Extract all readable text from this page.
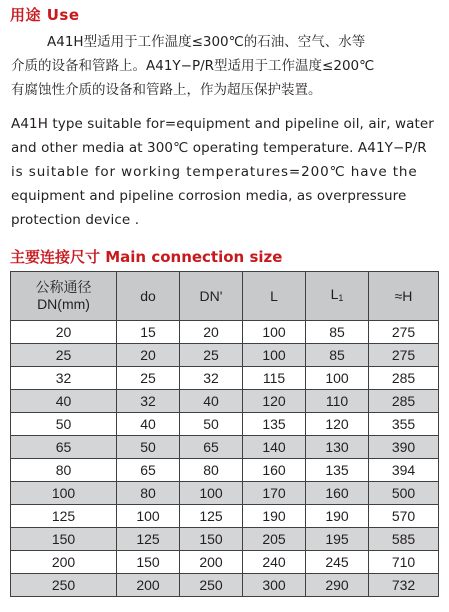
用途 Use
A41H型适用于工作温度≤300℃的石油、空气、水等
介质的设备和管路上。A41Y−P/R型适用于工作温度≤200℃
有腐蚀性介质的设备和管路上，作为超压保护装置。
A41H type suitable for=equipment and pipeline oil, air, water
and other media at 300℃ operating temperature. A41Y−P/R
is suitable for working temperatures=200℃ have the
equipment and pipeline corrosion media, as overpressure
protection device .
主要连接尺寸 Main connection size
公称通径
DN(mm)	do	DN'	L	$L_1$	≈H
20	15	20	100	85	275
25	20	25	100	85	275
32	25	32	115	100	285
40	32	40	120	110	285
50	40	50	135	120	355
65	50	65	140	130	390
80	65	80	160	135	394
100	80	100	170	160	500
125	100	125	190	190	570
150	125	150	205	195	585
200	150	200	240	245	710
250	200	250	300	290	732
